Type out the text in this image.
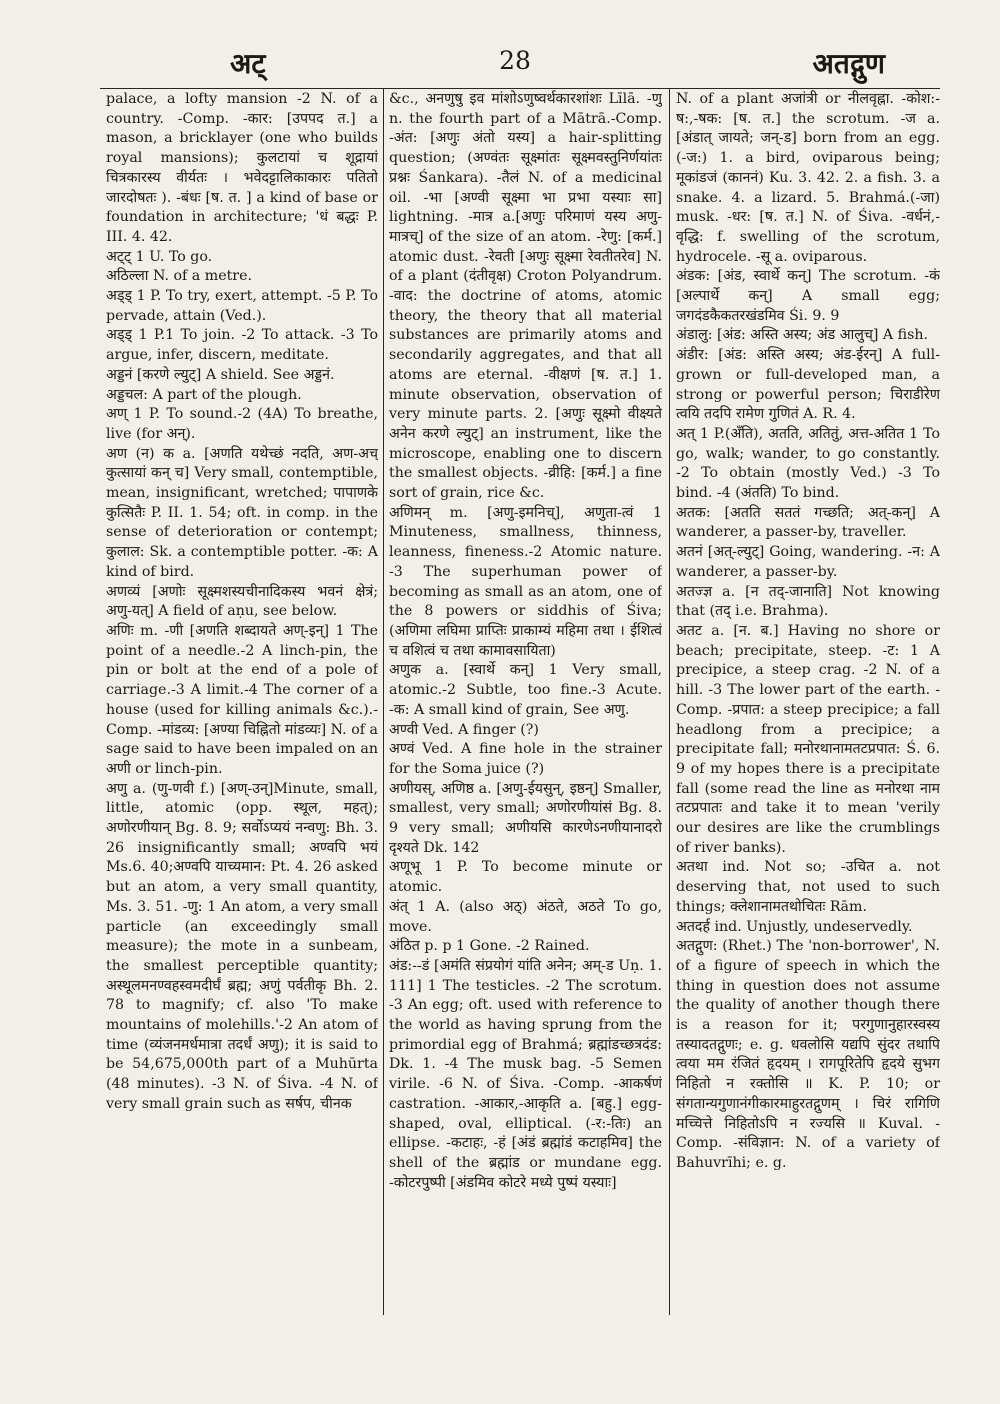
अट्	28	अतद्गुण

palace, a lofty mansion -2 N. of a country. -Comp. -कार: [उपपद त.] a mason, a bricklayer (one who builds royal mansions); कुलटायां च शूद्रायां चित्रकारस्य वीर्यतः । भवेदट्टालिकाकारः पतितो जारदोषतः ). -बंधः [ष. त. ] a kind of base or foundation in architecture; 'धं बद्धः P. III. 4. 42.

अट्ट् 1 U. To go.

अठिल्ला N. of a metre.

अड्ड् 1 P. To try, exert, attempt. -5 P. To pervade, attain (Ved.).

अड्ड् 1 P.1 To join. -2 To attack. -3 To argue, infer, discern, meditate.

अड्डनं [करणे ल्युट्] A shield. See अड्डनं.

अड्डचल: A part of the plough.

अण् 1 P. To sound.-2 (4A) To breathe, live (for अन्).

अण (न) क a. [अणति यथेच्छं नदति, अण-अच् कुत्सायां कन् च] Very small, contemptible, mean, insignificant, wretched; पापाणके कुत्सितैः P. II. 1. 54; oft. in comp. in the sense of deterioration or contempt; कुलाल: Sk. a contemptible potter. -क: A kind of bird.

अणव्यं [अणोः सूक्ष्मशस्यचीनादिकस्य भवनं क्षेत्रं; अणु-यत्] A field of aṇu, see below.

अणिः m. -णी [अणति शब्दायते अण्-इन्] 1 The point of a needle.-2 A linch-pin, the pin or bolt at the end of a pole of carriage.-3 A limit.-4 The corner of a house (used for killing animals &c.).-Comp. -मांडव्य: [अण्या चिह्नितो मांडव्यः] N. of a sage said to have been impaled on an अणी or linch-pin.

अणु a. (णु-णवी f.) [अण्-उन्]Minute, small, little, atomic (opp. स्थूल, महत्); अणोरणीयान् Bg. 8. 9; सर्वोऽप्ययं नन्वणु: Bh. 3. 26 insignificantly small; अण्वपि भयं Ms.6. 40;अण्वपि याच्यमान: Pt. 4. 26 asked but an atom, a very small quantity, Ms. 3. 51. -णु: 1 An atom, a very small particle (an exceedingly small measure); the mote in a sunbeam, the smallest perceptible quantity; अस्थूलमनण्वहस्वमदीर्घं ब्रह्म; अणुं पर्वतीकृ Bh. 2. 78 to magnify; cf. also 'To make mountains of molehills.'-2 An atom of time (व्यंजनमर्धमात्रा तदर्धं अणु); it is said to be 54,675,000th part of a Muhūrta (48 minutes). -3 N. of Śiva. -4 N. of very small grain such as सर्षप, चीनक

&c., अनणुषु इव मांशोऽणुष्वर्थकारशांशः Līlā. -णु n. the fourth part of a Mātrā.-Comp. -अंत: [अणुः अंतो यस्य] a hair-splitting question; (अण्वंतः सूक्ष्मांतः सूक्ष्मवस्तुनिर्णयांतः प्रश्नः Śankara). -तैलं N. of a medicinal oil. -भा [अण्वी सूक्ष्मा भा प्रभा यस्याः सा] lightning. -मात्र a.[अणुः परिमाणं यस्य अणु-मात्रच्] of the size of an atom. -रेणु: [कर्म.] atomic dust. -रेवती [अणुः सूक्ष्मा रेवतीतरेव] N. of a plant (दंतीवृक्ष) Croton Polyandrum. -वाद: the doctrine of atoms, atomic theory, the theory that all material substances are primarily atoms and secondarily aggregates, and that all atoms are eternal. -वीक्षणं [ष. त.] 1. minute observation, observation of very minute parts. 2. [अणुः सूक्ष्मो वीक्ष्यते अनेन करणे ल्युट्] an instrument, like the microscope, enabling one to discern the smallest objects. -व्रीहि: [कर्म.] a fine sort of grain, rice &c.

अणिमन् m. [अणु-इमनिच्], अणुता-त्वं 1 Minuteness, smallness, thinness, leanness, fineness.-2 Atomic nature. -3 The superhuman power of becoming as small as an atom, one of the 8 powers or siddhis of Śiva; (अणिमा लघिमा प्राप्तिः प्राकाम्यं महिमा तथा । ईशित्वं च वशित्वं च तथा कामावसायिता)

अणुक a. [स्वार्थे कन्] 1 Very small, atomic.-2 Subtle, too fine.-3 Acute. -क: A small kind of grain, See अणु.

अण्वी Ved. A finger (?)

अण्वं Ved. A fine hole in the strainer for the Soma juice (?)

अणीयस्, अणिष्ठ a. [अणु-ईयसुन्, इष्ठन्] Smaller, smallest, very small; अणोरणीयांसं Bg. 8. 9 very small; अणीयसि कारणेऽनणीयानादरो दृश्यते Dk. 142

अणूभू 1 P. To become minute or atomic.

अंत् 1 A. (also अठ्) अंठते, अठते To go, move.

अंठित p. p 1 Gone. -2 Rained.

अंड:--डं [अमंति संप्रयोगं यांति अनेन; अम्-ड Uṇ. 1. 111] 1 The testicles. -2 The scrotum. -3 An egg; oft. used with reference to the world as having sprung from the primordial egg of Brahmá; ब्रह्मांडच्छत्रदंड: Dk. 1. -4 The musk bag. -5 Semen virile. -6 N. of Śiva. -Comp. -आकर्षणं castration. -आकार,-आकृति a. [बहु.] egg-shaped, oval, elliptical. (-र:-तिः) an ellipse. -कटाहः, -हं [अंडं ब्रह्मांडं कटाहमिव] the shell of the ब्रह्मांड or mundane egg. -कोटरपुष्पी [अंडमिव कोटरे मध्ये पुष्पं यस्याः]

N. of a plant अजांत्री or नीलवृह्ना. -कोश:-ष:,-षक: [ष. त.] the scrotum. -ज a. [अंडात् जायते; जन्-ड] born from an egg. (-ज:) 1. a bird, oviparous being; मूकांडजं (काननं) Ku. 3. 42. 2. a fish. 3. a snake. 4. a lizard. 5. Brahmá.(-जा) musk. -धर: [ष. त.] N. of Śiva. -वर्धनं,-वृद्धि: f. swelling of the scrotum, hydrocele. -सू a. oviparous.

अंडक: [अंड, स्वार्थे कन्] The scrotum. -कं [अल्पार्थे कन्] A small egg; जगदंडकैकतरखंडमिव Śi. 9. 9

अंडालु: [अंड: अस्ति अस्य; अंड आलुच्] A fish.

अंडीर: [अंड: अस्ति अस्य; अंड-ईरन्] A full-grown or full-developed man, a strong or powerful person; चिराडीरेण त्वयि तदपि रामेण गुणितं A. R. 4.

अत् 1 P.(अँति), अतति, अतितुं, अत्त-अतित 1 To go, walk; wander, to go constantly. -2 To obtain (mostly Ved.) -3 To bind. -4 (अंतति) To bind.

अतक: [अतति सततं गच्छति; अत्-कन्] A wanderer, a passer-by, traveller.

अतनं [अत्-ल्युट्] Going, wandering. -न: A wanderer, a passer-by.

अतज्ज्ञ a. [न तद्-जानाति] Not knowing that (तद् i.e. Brahma).

अतट a. [न. ब.] Having no shore or beach; precipitate, steep. -ट: 1 A precipice, a steep crag. -2 N. of a hill. -3 The lower part of the earth. -Comp. -प्रपात: a steep precipice; a fall headlong from a precipice; a precipitate fall; मनोरथानामतटप्रपात: Ś. 6. 9 of my hopes there is a precipitate fall (some read the line as मनोरथा नाम तटप्रपातः and take it to mean 'verily our desires are like the crumblings of river banks).

अतथा ind. Not so; -उचित a. not deserving that, not used to such things; क्लेशानामतथोचितः Rām.

अतदर्ह ind. Unjustly, undeservedly.

अतद्गुण: (Rhet.) The 'non-borrower', N. of a figure of speech in which the thing in question does not assume the quality of another though there is a reason for it; परगुणानुहारस्वस्य तस्यादतद्गुणः; e. g. धवलोसि यद्यपि सुंदर तथापि त्वया मम रंजितं हृदयम् । रागपूरितेपि हृदये सुभग निहितो न रक्तोसि ॥ K. P. 10; or संगतान्यगुणानंगीकारमाहुरतद्गुणम् । चिरं रागिणि मच्चित्ते निहितोऽपि न रज्यसि ॥ Kuval. -Comp. -संविज्ञान: N. of a variety of Bahuvrīhi; e. g.
